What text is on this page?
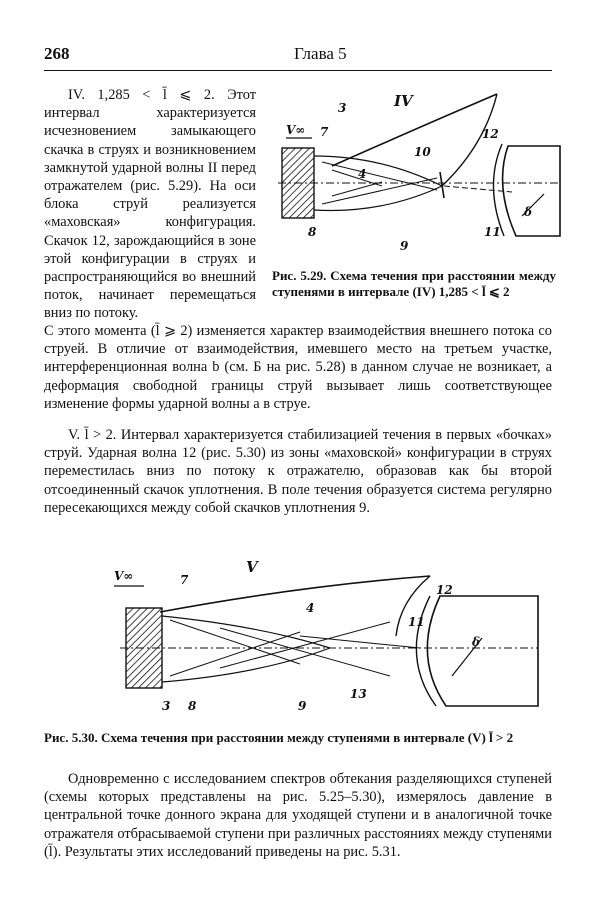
268	Глава 5

IV. 1,285 < l̄ ⩽ 2. Этот интервал характеризуется исчезновением замыкающего скачка в струях и возникновением замкнутой ударной волны II перед отражателем (рис. 5.29). На оси блока струй реализуется «маховская» конфигурация. Скачок 12, зарождающийся в зоне этой конфигурации в струях и распространяющийся во внешний поток, начинает перемещаться вниз по потоку.

IV
δ
V∞
3
7	12
10
4
8
9
11
Рис. 5.29. Схема течения при расстоянии между ступенями в интервале (IV) 1,285 < l̄ ⩽ 2

С этого момента (l̄ ⩾ 2) изменяется характер взаимодействия внешнего потока со струей. В отличие от взаимодействия, имевшего место на третьем участке, интерференционная волна b (см. Б на рис. 5.28) в данном случае не возникает, а деформация свободной границы струй вызывает лишь соответствующее изменение формы ударной волны a в струе.

V. l̄ > 2. Интервал характеризуется стабилизацией течения в первых «бочках» струй. Ударная волна 12 (рис. 5.30) из зоны «маховской» конфигурации в струях переместилась вниз по потоку к отражателю, образовав как бы второй отсоединенный скачок уплотнения. В поле течения образуется система регулярно пересекающихся между собой скачков уплотнения 9.

V
V∞	7
12
4
11
δ
3 8	9
13
Рис. 5.30. Схема течения при расстоянии между ступенями в интервале (V) l̄ > 2

Одновременно с исследованием спектров обтекания разделяющихся ступеней (схемы которых представлены на рис. 5.25–5.30), измерялось давление в центральной точке донного экрана для уходящей ступени и в аналогичной точке отражателя отбрасываемой ступени при различных расстояниях между ступенями (l̄). Результаты этих исследований приведены на рис. 5.31.
